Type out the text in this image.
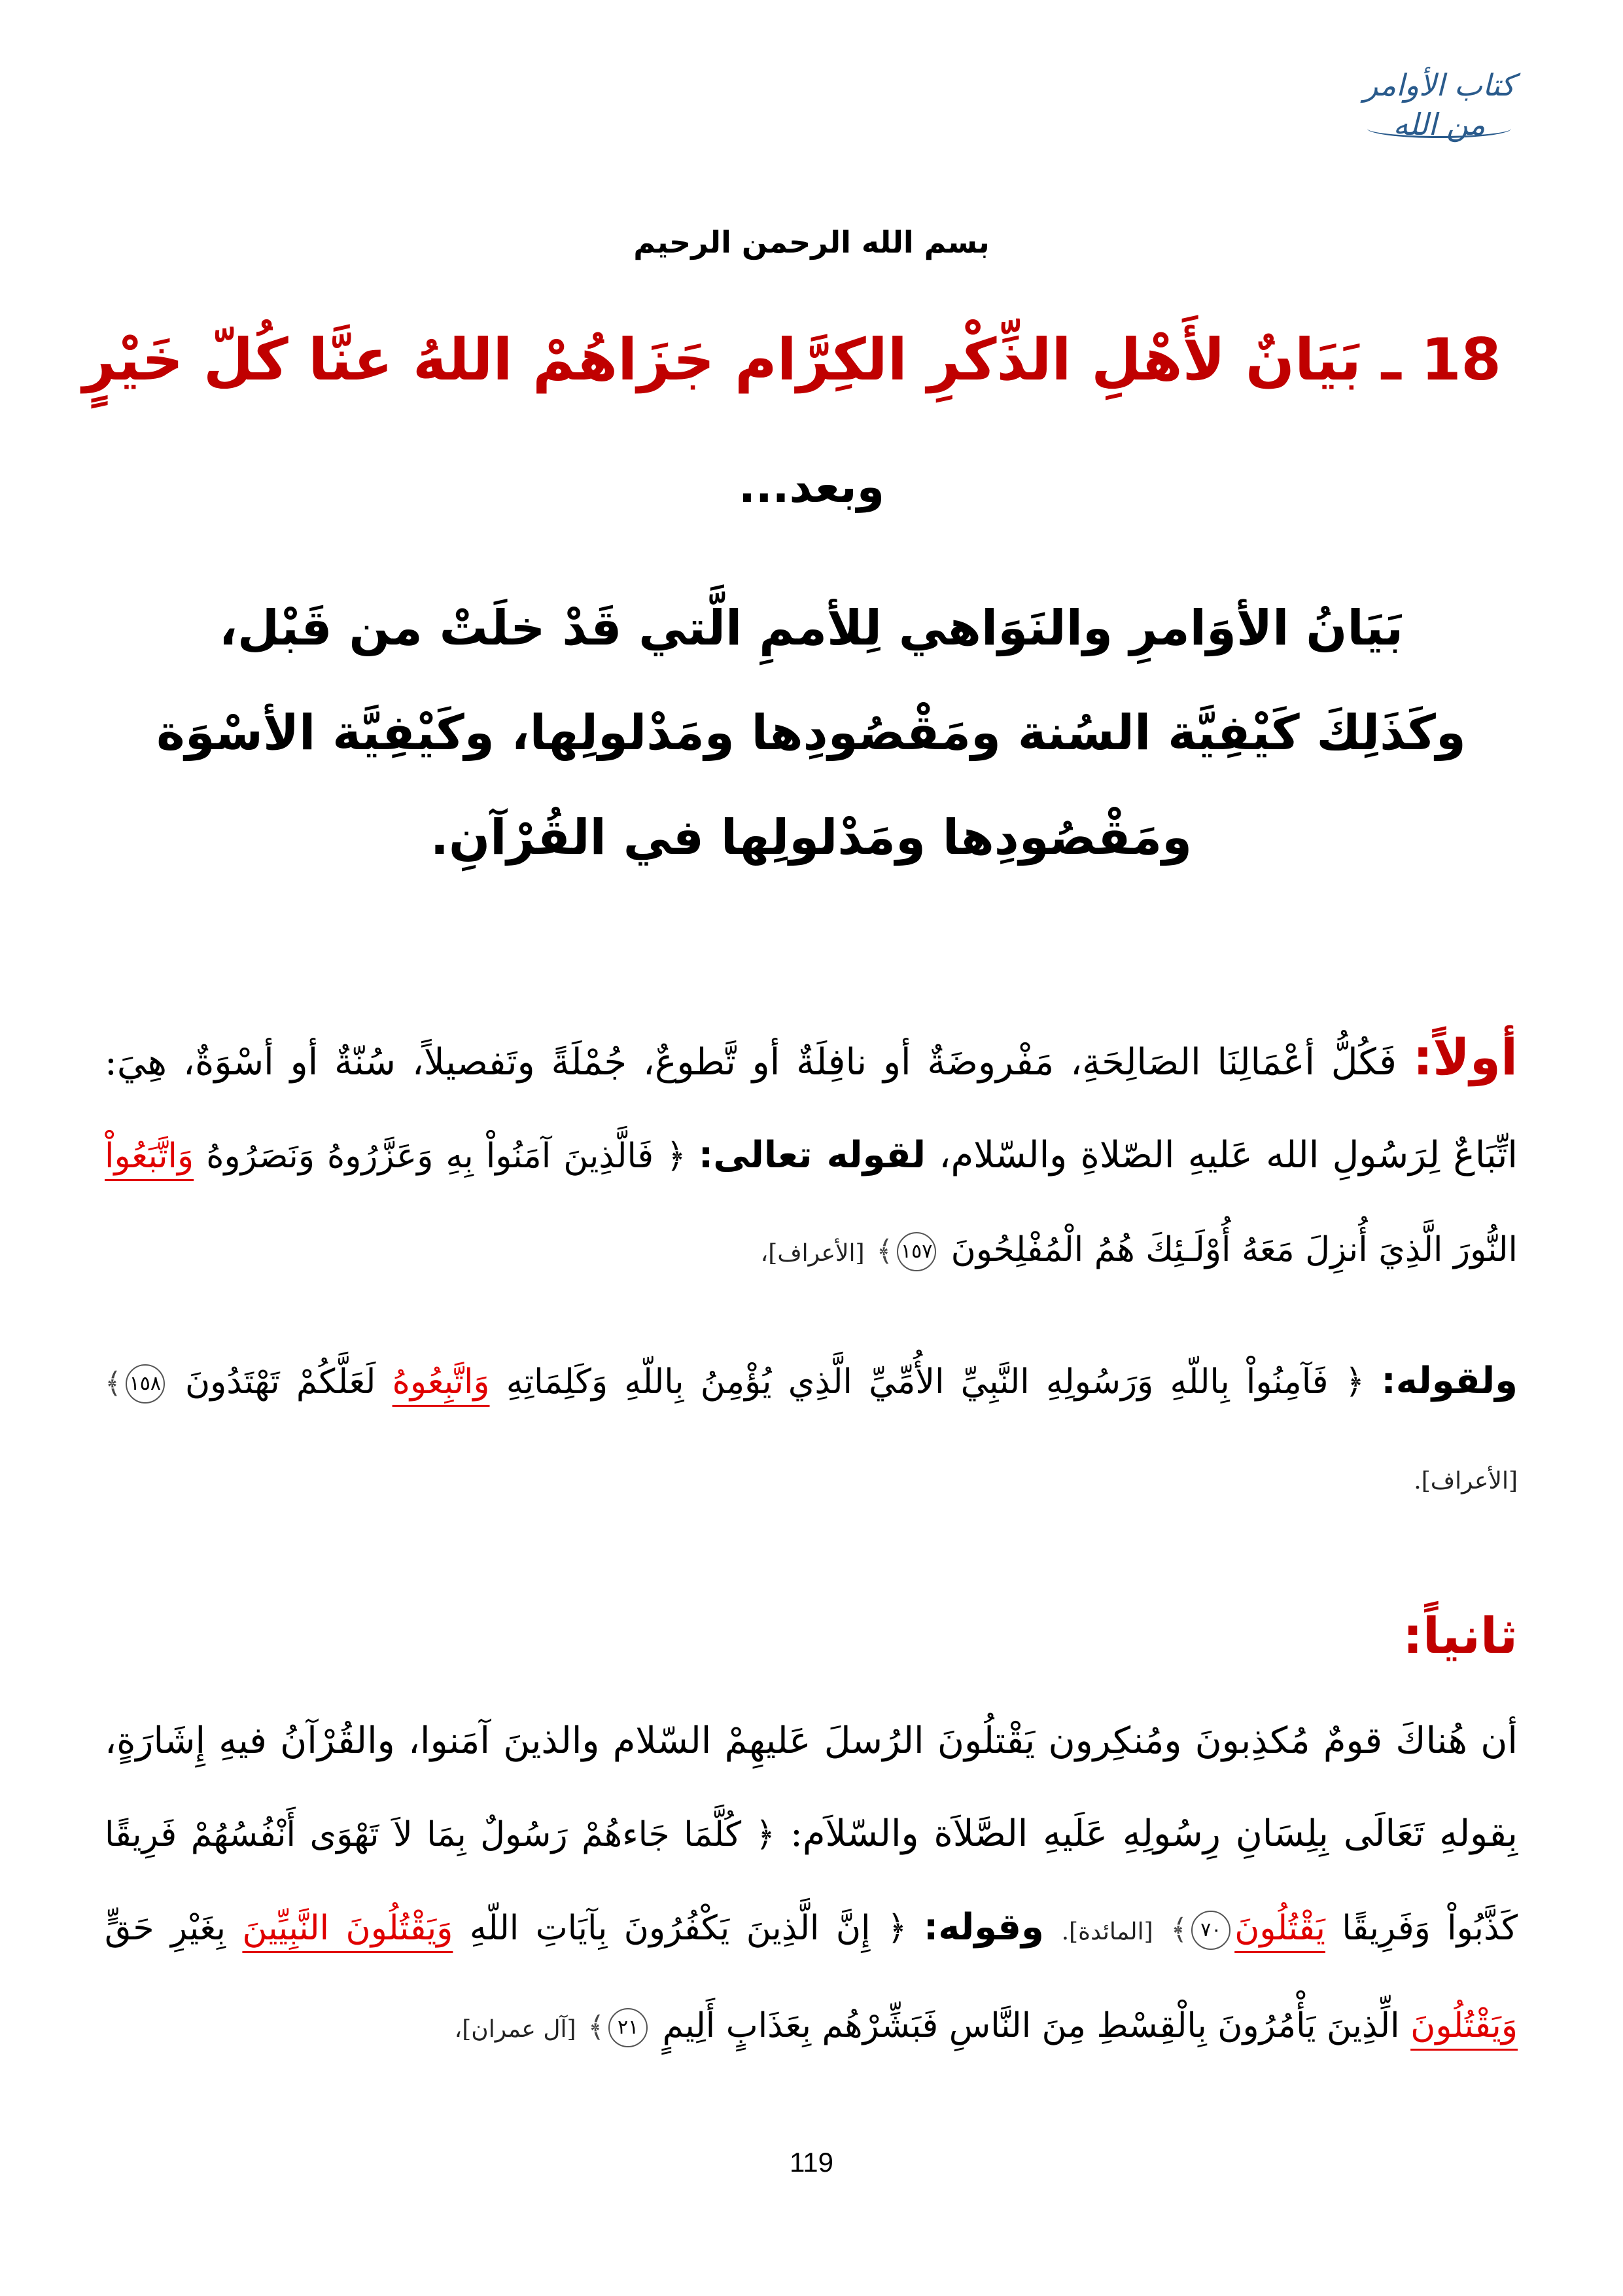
كتاب الأوامر من الله
بسم الله الرحمن الرحيم
18 ـ بَيَانٌ لأَهْلِ الذِّكْرِ الكِرَّام جَزَاهُمْ اللهُ عنَّا كُلّ خَيْرٍ
وبعد...
بَيَانُ الأوَامرِ والنَوَاهي لِلأممِ الَّتي قَدْ خلَتْ من قَبْل، وكَذَلِكَ كَيْفِيَّة السُنة ومَقْصُودِها ومَدْلولِها، وكَيْفِيَّة الأسْوَة ومَقْصُودِها ومَدْلولِها في القُرْآنِ.
أولاً: فَكُلُّ أعْمَالِنَا الصَالِحَةِ، مَفْروضَةٌ أو نافِلَةٌ أو تَّطوعٌ، جُمْلَةً وتَفصيلاً، سُنّةٌ أو أسْوَةٌ، هِيَ: اتِّبَاعٌ لِرَسُولِ الله عَليهِ الصّلاةِ والسّلام، لقوله تعالى: ﴿ فَالَّذِينَ آمَنُواْ بِهِ وَعَزَّرُوهُ وَنَصَرُوهُ وَاتَّبَعُواْ النُّورَ الَّذِيَ أُنزِلَ مَعَهُ أُوْلَـئِكَ هُمُ الْمُفْلِحُونَ ١٥٧﴾ [الأعراف]،
ولقوله: ﴿ فَآمِنُواْ بِاللّهِ وَرَسُولِهِ النَّبِيِّ الأُمِّيِّ الَّذِي يُؤْمِنُ بِاللّهِ وَكَلِمَاتِهِ وَاتَّبِعُوهُ لَعَلَّكُمْ تَهْتَدُونَ ١٥٨﴾ [الأعراف].
ثانياً:
أن هُناكَ قومٌ مُكذِبونَ ومُنكِرون يَقْتلُونَ الرُسلَ عَليهِمْ السّلام والذينَ آمَنوا، والقُرْآنُ فيهِ إِشَارَةٍ، بِقولهِ تَعَالَى بِلِسَانِ رِسُولِهِ عَلَيهِ الصَّلاَة والسّلاَم: ﴿ كُلَّمَا جَاءهُمْ رَسُولٌ بِمَا لاَ تَهْوَى أَنْفُسُهُمْ فَرِيقًا كَذَّبُواْ وَفَرِيقًا يَقْتُلُونَ٧٠﴾ [المائدة]. وقوله: ﴿ إِنَّ الَّذِينَ يَكْفُرُونَ بِآيَاتِ اللّهِ وَيَقْتُلُونَ النَّبِيِّينَ بِغَيْرِ حَقٍّ وَيَقْتُلُونَ الِّذِينَ يَأْمُرُونَ بِالْقِسْطِ مِنَ النَّاسِ فَبَشِّرْهُم بِعَذَابٍ أَلِيمٍ ٢١﴾ [آل عمران]،
119
